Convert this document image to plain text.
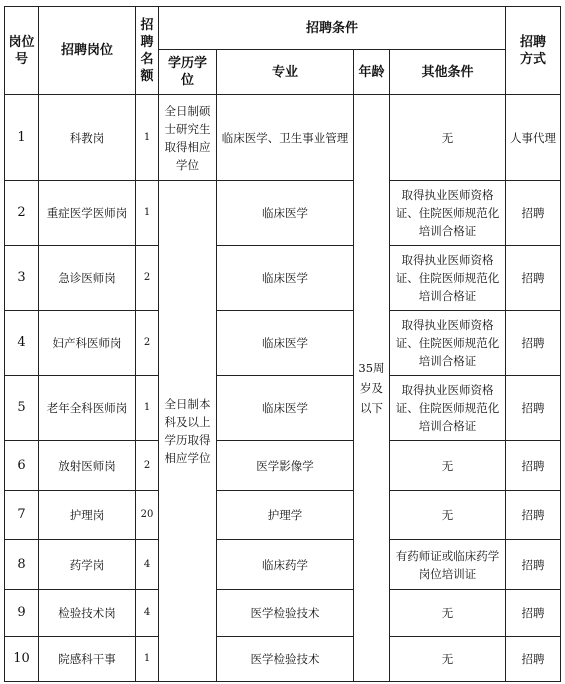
岗位号	招聘岗位	招聘名额	招聘条件				招聘方式

			学历学位	专业	年龄	其他条件	
1	科教岗	1	全日制硕士研究生取得相应学位	临床医学、卫生事业管理	35周岁及以下	无	人事代理
2	重症医学医师岗	1	全日制本科及以上学历取得相应学位	临床医学		取得执业医师资格证、住院医师规范化培训合格证	招聘
3	急诊医师岗	2		临床医学		取得执业医师资格证、住院医师规范化培训合格证	招聘
4	妇产科医师岗	2		临床医学		取得执业医师资格证、住院医师规范化培训合格证	招聘
5	老年全科医师岗	1		临床医学		取得执业医师资格证、住院医师规范化培训合格证	招聘
6	放射医师岗	2		医学影像学		无	招聘
7	护理岗	20		护理学		无	招聘
8	药学岗	4		临床药学		有药师证或临床药学岗位培训证	招聘
9	检验技术岗	4		医学检验技术		无	招聘
10	院感科干事	1		医学检验技术		无	招聘
